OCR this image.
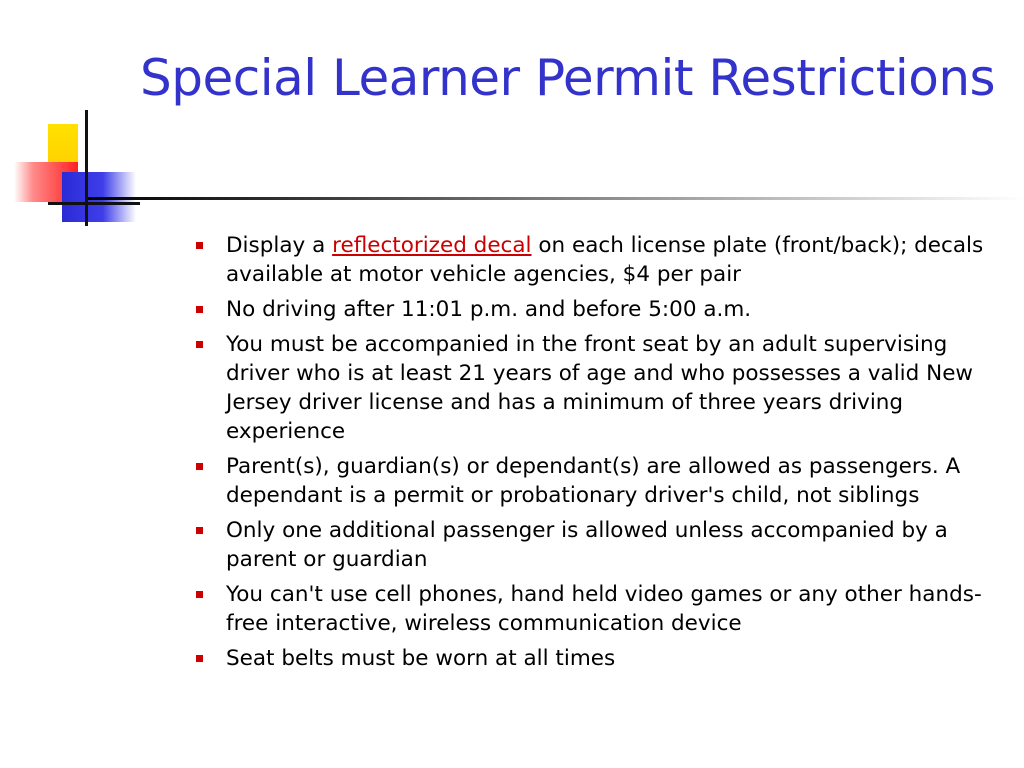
Special Learner Permit Restrictions
Display a reflectorized decal on each license plate (front/back); decals available at motor vehicle agencies, $4 per pair
No driving after 11:01 p.m. and before 5:00 a.m.
You must be accompanied in the front seat by an adult supervising driver who is at least 21 years of age and who possesses a valid New Jersey driver license and has a minimum of three years driving experience
Parent(s), guardian(s) or dependant(s) are allowed as passengers. A dependant is a permit or probationary driver's child, not siblings
Only one additional passenger is allowed unless accompanied by a parent or guardian
You can't use cell phones, hand held video games or any other hands-free interactive, wireless communication device
Seat belts must be worn at all times
